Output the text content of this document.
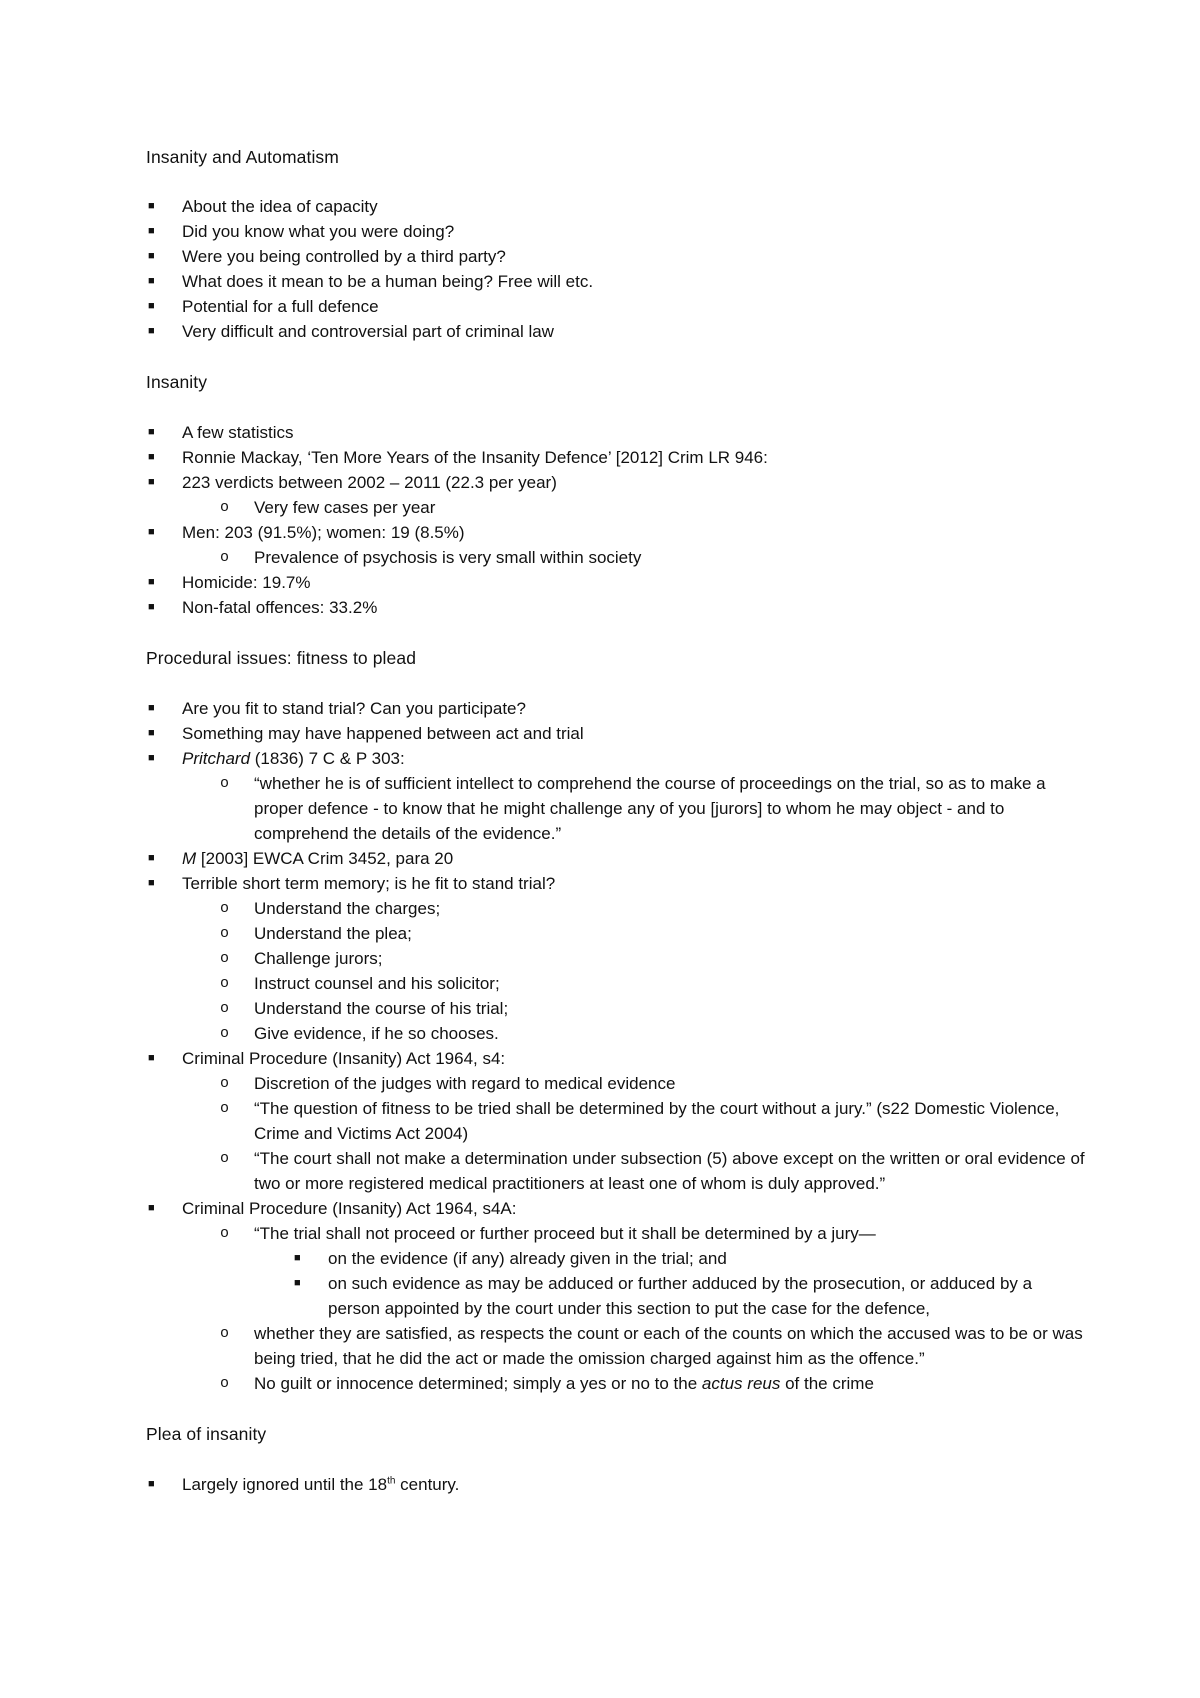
Insanity and Automatism
■ About the idea of capacity
■ Did you know what you were doing?
■ Were you being controlled by a third party?
■ What does it mean to be a human being? Free will etc.
■ Potential for a full defence
■ Very difficult and controversial part of criminal law
Insanity
■ A few statistics
■ Ronnie Mackay, ‘Ten More Years of the Insanity Defence’ [2012] Crim LR 946:
■ 223 verdicts between 2002 – 2011 (22.3 per year)
o Very few cases per year
■ Men: 203 (91.5%); women: 19 (8.5%)
o Prevalence of psychosis is very small within society
■ Homicide: 19.7%
■ Non-fatal offences: 33.2%
Procedural issues: fitness to plead
■ Are you fit to stand trial? Can you participate?
■ Something may have happened between act and trial
■ Pritchard (1836) 7 C & P 303:
o “whether he is of sufficient intellect to comprehend the course of proceedings on the trial, so as to make a proper defence - to know that he might challenge any of you [jurors] to whom he may object - and to comprehend the details of the evidence.”
■ M [2003] EWCA Crim 3452, para 20
■ Terrible short term memory; is he fit to stand trial?
o Understand the charges;
o Understand the plea;
o Challenge jurors;
o Instruct counsel and his solicitor;
o Understand the course of his trial;
o Give evidence, if he so chooses.
■ Criminal Procedure (Insanity) Act 1964, s4:
o Discretion of the judges with regard to medical evidence
o “The question of fitness to be tried shall be determined by the court without a jury.” (s22 Domestic Violence, Crime and Victims Act 2004)
o “The court shall not make a determination under subsection (5) above except on the written or oral evidence of two or more registered medical practitioners at least one of whom is duly approved.”
■ Criminal Procedure (Insanity) Act 1964, s4A:
o “The trial shall not proceed or further proceed but it shall be determined by a jury—
■ on the evidence (if any) already given in the trial; and
■ on such evidence as may be adduced or further adduced by the prosecution, or adduced by a person appointed by the court under this section to put the case for the defence,
o whether they are satisfied, as respects the count or each of the counts on which the accused was to be or was being tried, that he did the act or made the omission charged against him as the offence.”
o No guilt or innocence determined; simply a yes or no to the actus reus of the crime
Plea of insanity
■ Largely ignored until the 18th century.
